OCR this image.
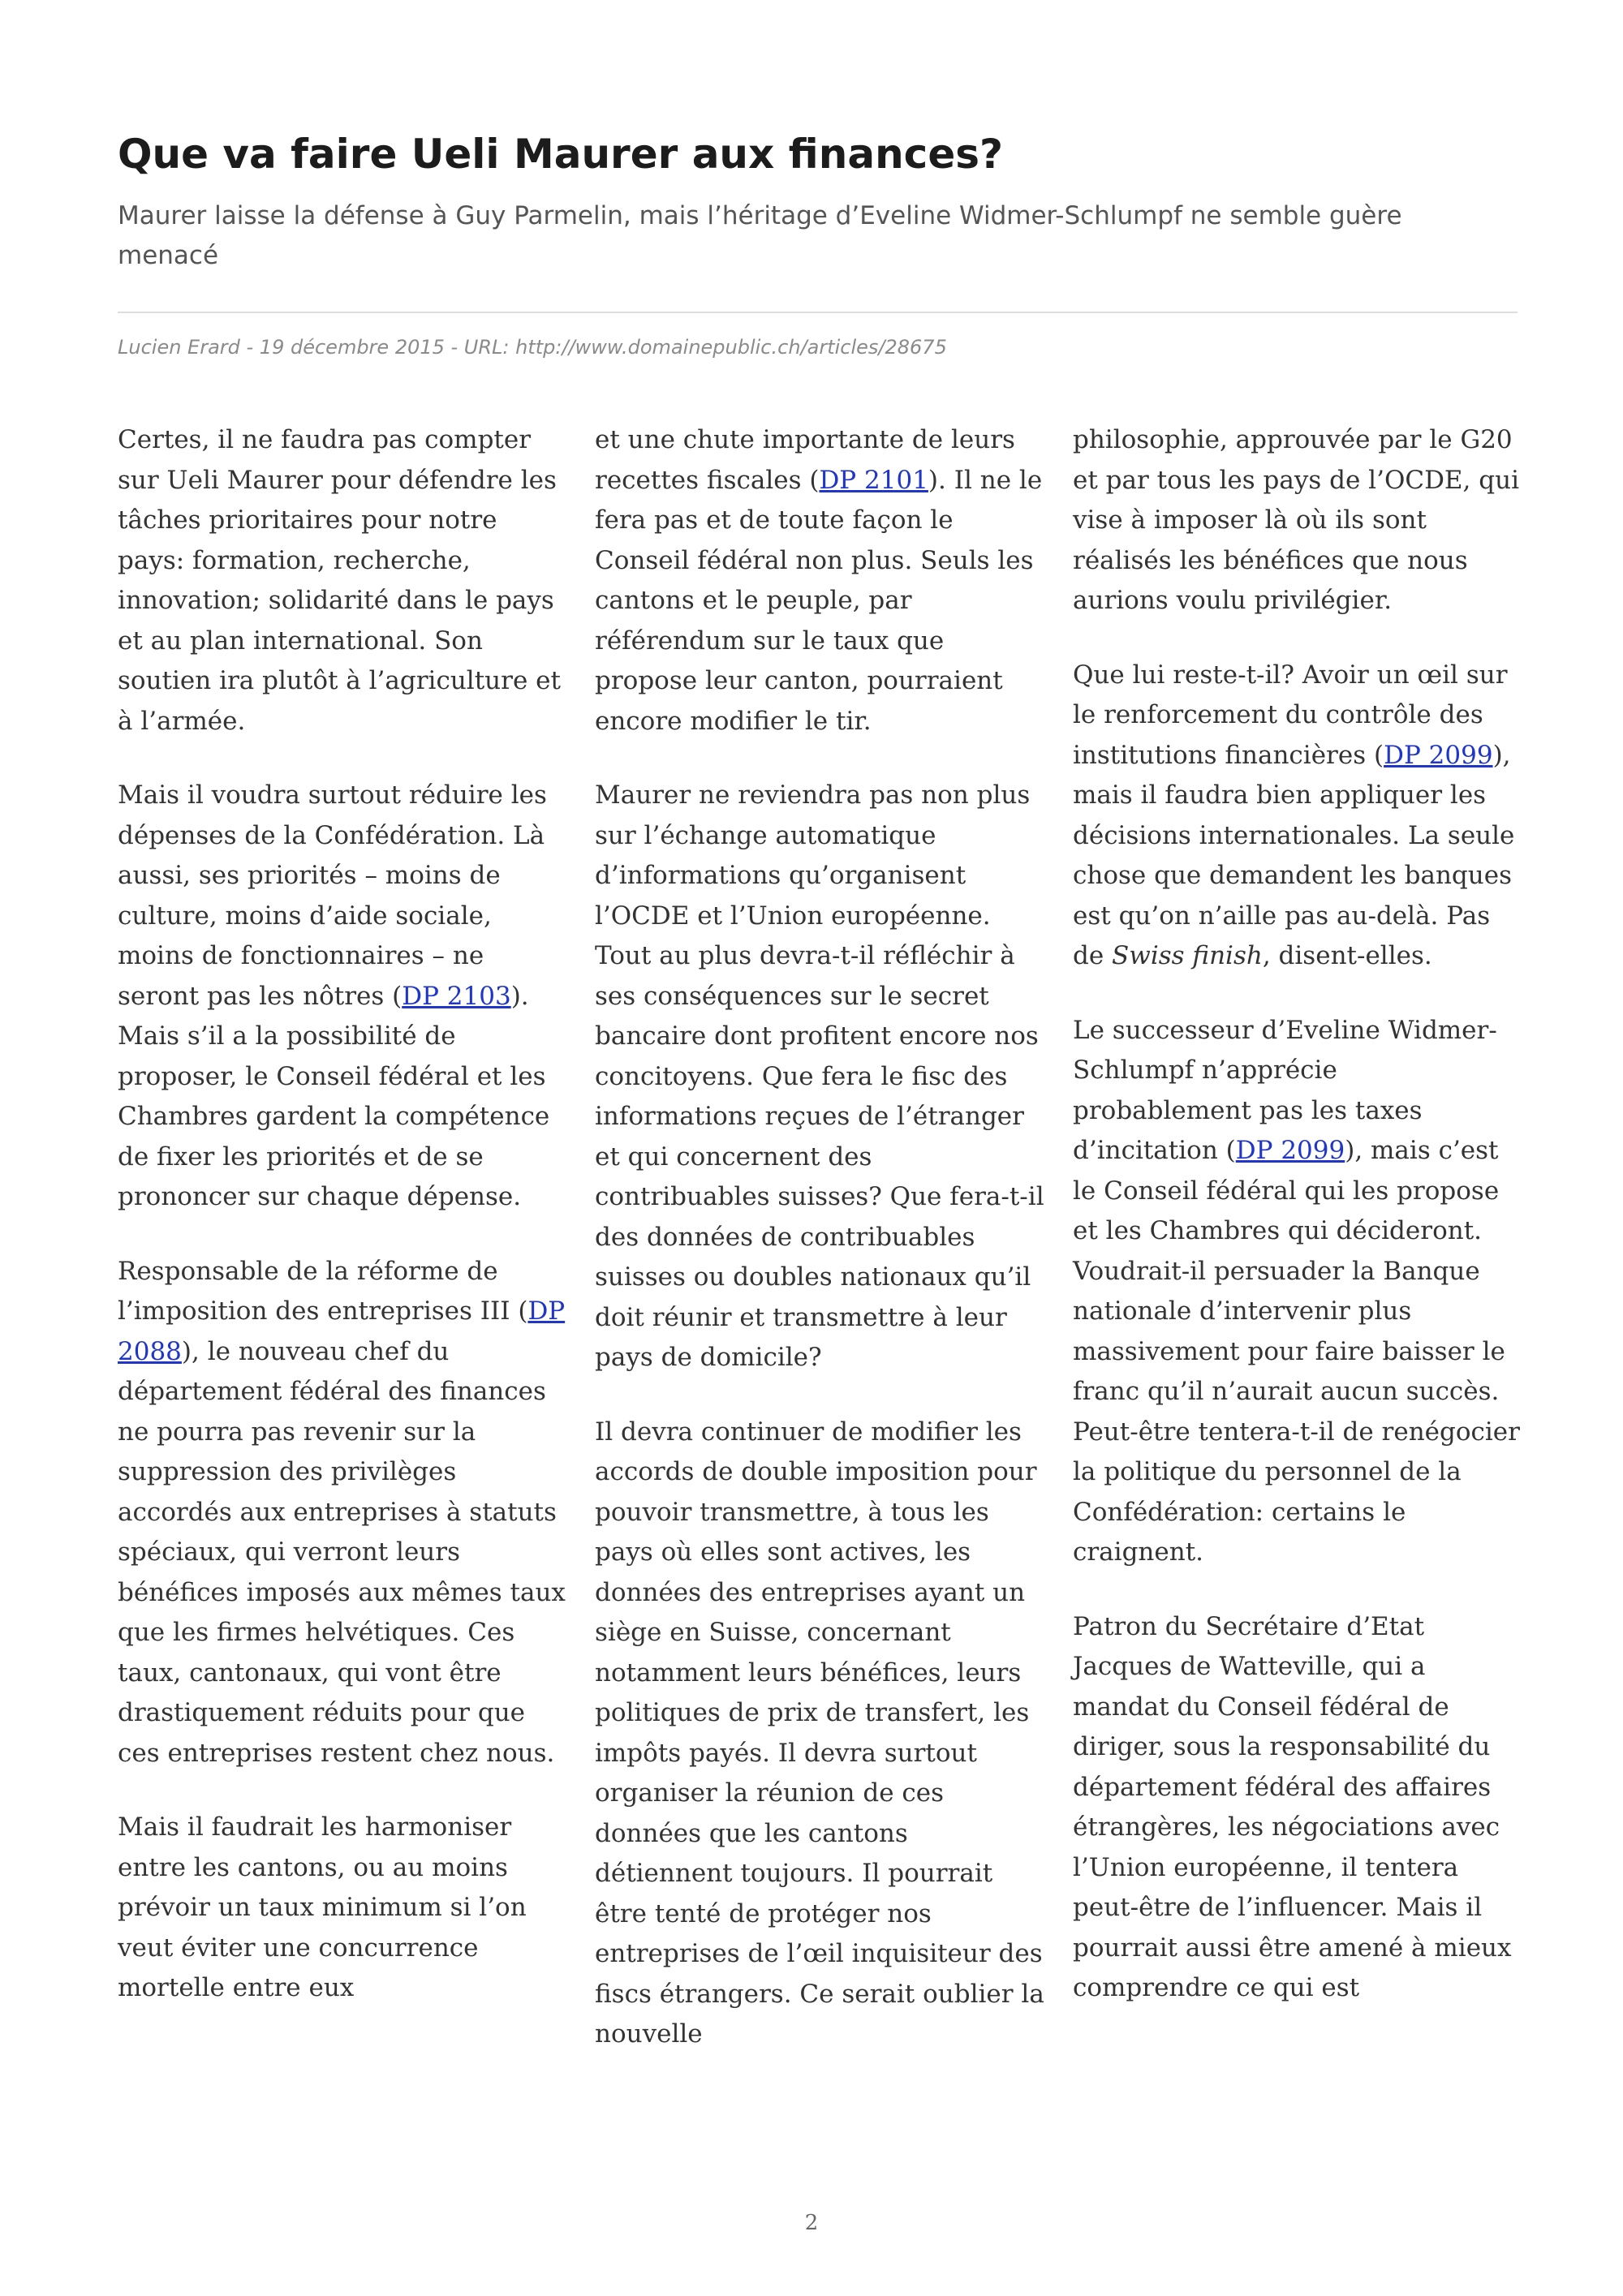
Que va faire Ueli Maurer aux finances?

Maurer laisse la défense à Guy Parmelin, mais l’héritage d’Eveline Widmer-Schlumpf ne semble guère menacé

Lucien Erard - 19 décembre 2015 - URL: http://www.domainepublic.ch/articles/28675

Certes, il ne faudra pas compter sur Ueli Maurer pour défendre les tâches prioritaires pour notre pays: formation, recherche, innovation; solidarité dans le pays et au plan international. Son soutien ira plutôt à l’agriculture et à l’armée.

Mais il voudra surtout réduire les dépenses de la Confédération. Là aussi, ses priorités – moins de culture, moins d’aide sociale, moins de fonctionnaires – ne seront pas les nôtres (DP 2103). Mais s’il a la possibilité de proposer, le Conseil fédéral et les Chambres gardent la compétence de fixer les priorités et de se prononcer sur chaque dépense.

Responsable de la réforme de l’imposition des entreprises III (DP 2088), le nouveau chef du département fédéral des finances ne pourra pas revenir sur la suppression des privilèges accordés aux entreprises à statuts spéciaux, qui verront leurs bénéfices imposés aux mêmes taux que les firmes helvétiques. Ces taux, cantonaux, qui vont être drastiquement réduits pour que ces entreprises restent chez nous.

Mais il faudrait les harmoniser entre les cantons, ou au moins prévoir un taux minimum si l’on veut éviter une concurrence mortelle entre eux

et une chute importante de leurs recettes fiscales (DP 2101). Il ne le fera pas et de toute façon le Conseil fédéral non plus. Seuls les cantons et le peuple, par référendum sur le taux que propose leur canton, pourraient encore modifier le tir.

Maurer ne reviendra pas non plus sur l’échange automatique d’informations qu’organisent l’OCDE et l’Union européenne. Tout au plus devra-t-il réfléchir à ses conséquences sur le secret bancaire dont profitent encore nos concitoyens. Que fera le fisc des informations reçues de l’étranger et qui concernent des contribuables suisses? Que fera-t-il des données de contribuables suisses ou doubles nationaux qu’il doit réunir et transmettre à leur pays de domicile?

Il devra continuer de modifier les accords de double imposition pour pouvoir transmettre, à tous les pays où elles sont actives, les données des entreprises ayant un siège en Suisse, concernant notamment leurs bénéfices, leurs politiques de prix de transfert, les impôts payés. Il devra surtout organiser la réunion de ces données que les cantons détiennent toujours. Il pourrait être tenté de protéger nos entreprises de l’œil inquisiteur des fiscs étrangers. Ce serait oublier la nouvelle

philosophie, approuvée par le G20 et par tous les pays de l’OCDE, qui vise à imposer là où ils sont réalisés les bénéfices que nous aurions voulu privilégier.

Que lui reste-t-il? Avoir un œil sur le renforcement du contrôle des institutions financières (DP 2099), mais il faudra bien appliquer les décisions internationales. La seule chose que demandent les banques est qu’on n’aille pas au-delà. Pas de Swiss finish, disent-elles.

Le successeur d’Eveline Widmer-Schlumpf n’apprécie probablement pas les taxes d’incitation (DP 2099), mais c’est le Conseil fédéral qui les propose et les Chambres qui décideront. Voudrait-il persuader la Banque nationale d’intervenir plus massivement pour faire baisser le franc qu’il n’aurait aucun succès. Peut-être tentera-t-il de renégocier la politique du personnel de la Confédération: certains le craignent.

Patron du Secrétaire d’Etat Jacques de Watteville, qui a mandat du Conseil fédéral de diriger, sous la responsabilité du département fédéral des affaires étrangères, les négociations avec l’Union européenne, il tentera peut-être de l’influencer. Mais il pourrait aussi être amené à mieux comprendre ce qui est

2
